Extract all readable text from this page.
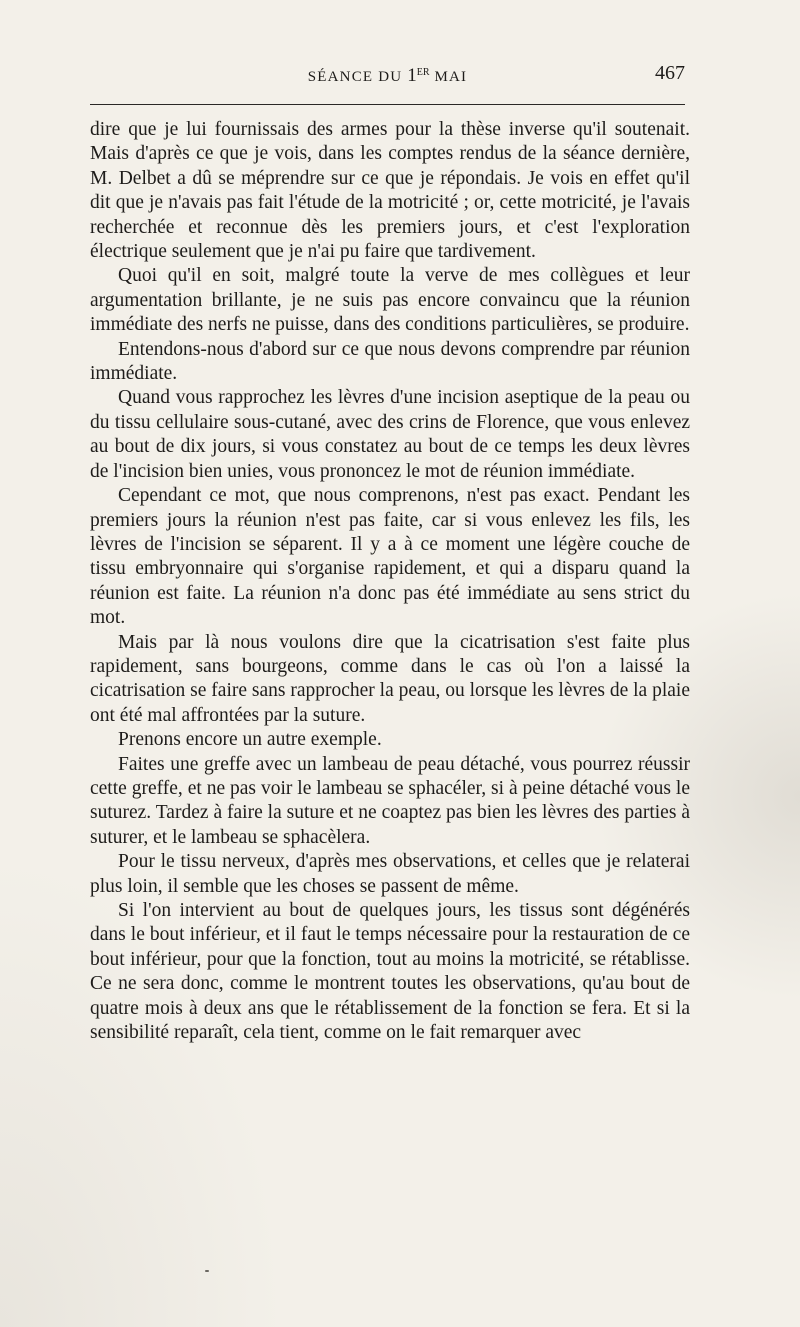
SÉANCE DU 1ER MAI	467

dire que je lui fournissais des armes pour la thèse inverse qu'il soutenait. Mais d'après ce que je vois, dans les comptes rendus de la séance dernière, M. Delbet a dû se méprendre sur ce que je répondais. Je vois en effet qu'il dit que je n'avais pas fait l'étude de la motricité ; or, cette motricité, je l'avais recherchée et reconnue dès les premiers jours, et c'est l'exploration électrique seulement que je n'ai pu faire que tardivement.

Quoi qu'il en soit, malgré toute la verve de mes collègues et leur argumentation brillante, je ne suis pas encore convaincu que la réunion immédiate des nerfs ne puisse, dans des conditions particulières, se produire.

Entendons-nous d'abord sur ce que nous devons comprendre par réunion immédiate.

Quand vous rapprochez les lèvres d'une incision aseptique de la peau ou du tissu cellulaire sous-cutané, avec des crins de Florence, que vous enlevez au bout de dix jours, si vous constatez au bout de ce temps les deux lèvres de l'incision bien unies, vous prononcez le mot de réunion immédiate.

Cependant ce mot, que nous comprenons, n'est pas exact. Pendant les premiers jours la réunion n'est pas faite, car si vous enlevez les fils, les lèvres de l'incision se séparent. Il y a à ce moment une légère couche de tissu embryonnaire qui s'organise rapidement, et qui a disparu quand la réunion est faite. La réunion n'a donc pas été immédiate au sens strict du mot.

Mais par là nous voulons dire que la cicatrisation s'est faite plus rapidement, sans bourgeons, comme dans le cas où l'on a laissé la cicatrisation se faire sans rapprocher la peau, ou lorsque les lèvres de la plaie ont été mal affrontées par la suture.

Prenons encore un autre exemple.

Faites une greffe avec un lambeau de peau détaché, vous pourrez réussir cette greffe, et ne pas voir le lambeau se sphacéler, si à peine détaché vous le suturez. Tardez à faire la suture et ne coaptez pas bien les lèvres des parties à suturer, et le lambeau se sphacèlera.

Pour le tissu nerveux, d'après mes observations, et celles que je relaterai plus loin, il semble que les choses se passent de même.

Si l'on intervient au bout de quelques jours, les tissus sont dégénérés dans le bout inférieur, et il faut le temps nécessaire pour la restauration de ce bout inférieur, pour que la fonction, tout au moins la motricité, se rétablisse. Ce ne sera donc, comme le montrent toutes les observations, qu'au bout de quatre mois à deux ans que le rétablissement de la fonction se fera. Et si la sensibilité reparaît, cela tient, comme on le fait remarquer avec
